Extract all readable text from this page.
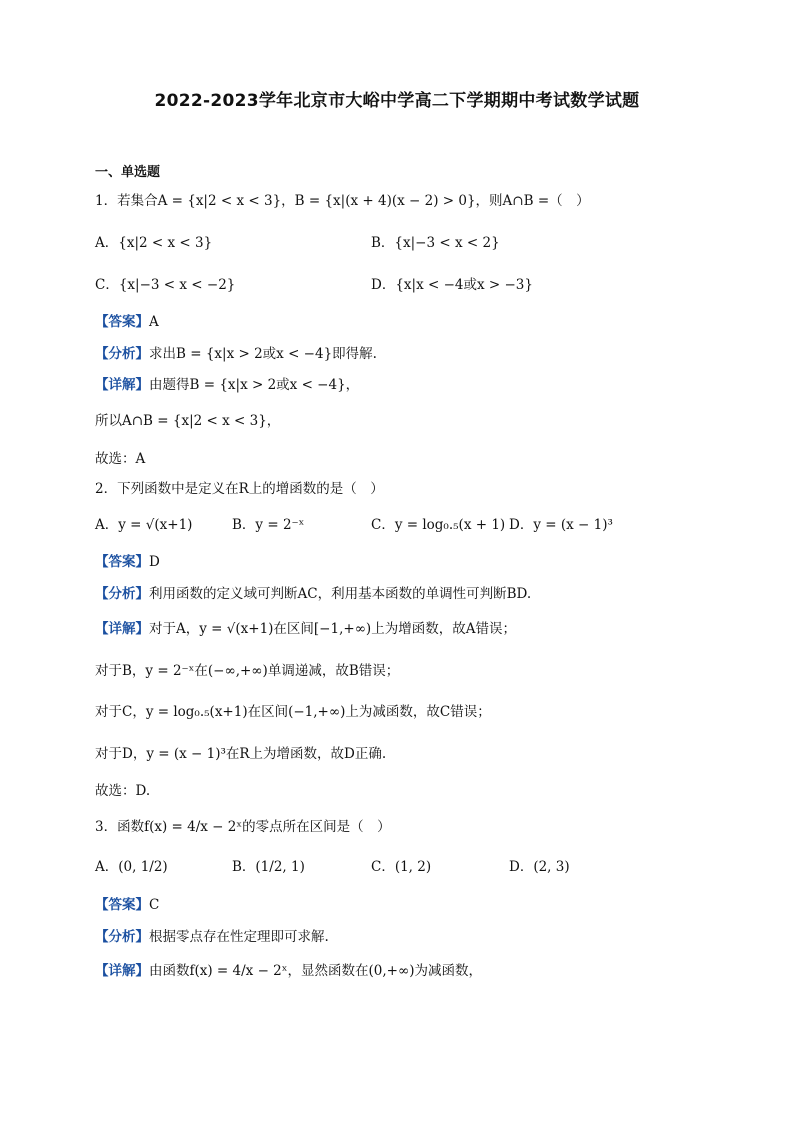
2022-2023学年北京市大峪中学高二下学期期中考试数学试题
一、单选题
1．若集合A = {x|2 < x < 3}，B = {x|(x + 4)(x − 2) > 0}，则A∩B =（　）
A．{x|2 < x < 3}	B．{x|−3 < x < 2}
C．{x|−3 < x < −2}	D．{x|x < −4或x > −3}
【答案】A
【分析】求出B = {x|x > 2或x < −4}即得解.
【详解】由题得B = {x|x > 2或x < −4}，
所以A∩B = {x|2 < x < 3}，
故选：A
2．下列函数中是定义在R上的增函数的是（　）
A．y = √(x+1)	B．y = 2⁻ˣ	C．y = log₀.₅(x + 1) D．y = (x − 1)³
【答案】D
【分析】利用函数的定义域可判断AC，利用基本函数的单调性可判断BD.
【详解】对于A，y = √(x+1)在区间[−1,+∞)上为增函数，故A错误；
对于B，y = 2⁻ˣ在(−∞,+∞)单调递减，故B错误；
对于C，y = log₀.₅(x+1)在区间(−1,+∞)上为减函数，故C错误；
对于D，y = (x − 1)³在R上为增函数，故D正确.
故选：D.
3．函数f(x) = 4/x − 2ˣ的零点所在区间是（　）
A．(0, 1/2)	B．(1/2, 1)	C．(1, 2)	D．(2, 3)
【答案】C
【分析】根据零点存在性定理即可求解.
【详解】由函数f(x) = 4/x − 2ˣ，显然函数在(0,+∞)为减函数，
